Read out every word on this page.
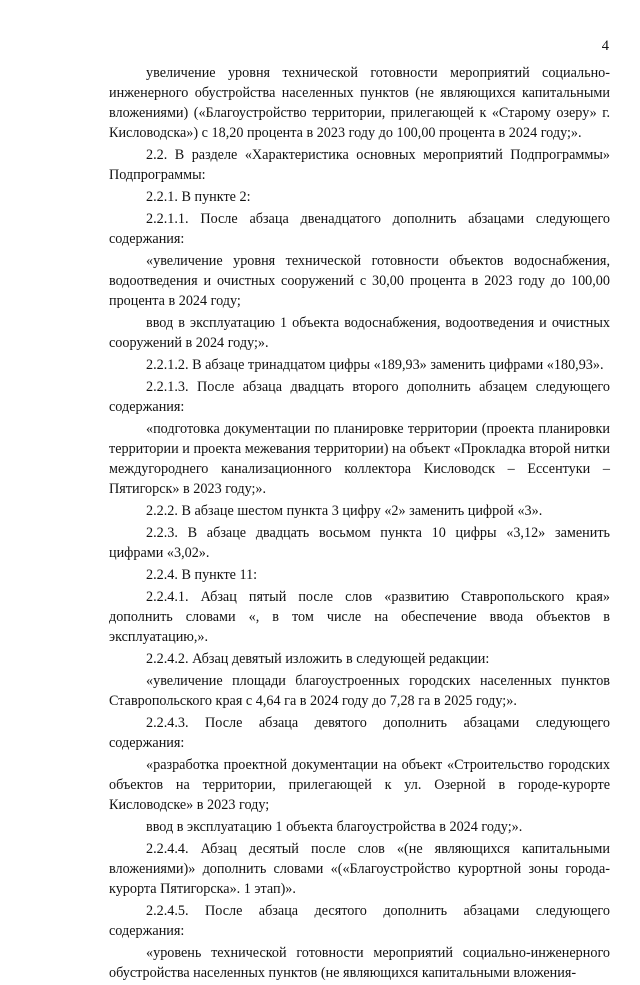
4

увеличение уровня технической готовности мероприятий социально-инженерного обустройства населенных пунктов (не являющихся капитальными вложениями) («Благоустройство территории, прилегающей к «Старому озеру» г. Кисловодска») с 18,20 процента в 2023 году до 100,00 процента в 2024 году;».

2.2. В разделе «Характеристика основных мероприятий Подпрограммы» Подпрограммы:

2.2.1. В пункте 2:

2.2.1.1. После абзаца двенадцатого дополнить абзацами следующего содержания:

«увеличение уровня технической готовности объектов водоснабжения, водоотведения и очистных сооружений с 30,00 процента в 2023 году до 100,00 процента в 2024 году;

ввод в эксплуатацию 1 объекта водоснабжения, водоотведения и очистных сооружений в 2024 году;».

2.2.1.2. В абзаце тринадцатом цифры «189,93» заменить цифрами «180,93».

2.2.1.3. После абзаца двадцать второго дополнить абзацем следующего содержания:

«подготовка документации по планировке территории (проекта планировки территории и проекта межевания территории) на объект «Прокладка второй нитки междугороднего канализационного коллектора Кисловодск – Ессентуки – Пятигорск» в 2023 году;».

2.2.2. В абзаце шестом пункта 3 цифру «2» заменить цифрой «3».

2.2.3. В абзаце двадцать восьмом пункта 10 цифры «3,12» заменить цифрами «3,02».

2.2.4. В пункте 11:

2.2.4.1. Абзац пятый после слов «развитию Ставропольского края» дополнить словами «, в том числе на обеспечение ввода объектов в эксплуатацию,».

2.2.4.2. Абзац девятый изложить в следующей редакции:

«увеличение площади благоустроенных городских населенных пунктов Ставропольского края с 4,64 га в 2024 году до 7,28 га в 2025 году;».

2.2.4.3. После абзаца девятого дополнить абзацами следующего содержания:

«разработка проектной документации на объект «Строительство городских объектов на территории, прилегающей к ул. Озерной в городе-курорте Кисловодске» в 2023 году;

ввод в эксплуатацию 1 объекта благоустройства в 2024 году;».

2.2.4.4. Абзац десятый после слов «(не являющихся капитальными вложениями)» дополнить словами «(«Благоустройство курортной зоны города-курорта Пятигорска». 1 этап)».

2.2.4.5. После абзаца десятого дополнить абзацами следующего содержания:

«уровень технической готовности мероприятий социально-инженерного обустройства населенных пунктов (не являющихся капитальными вложения-
